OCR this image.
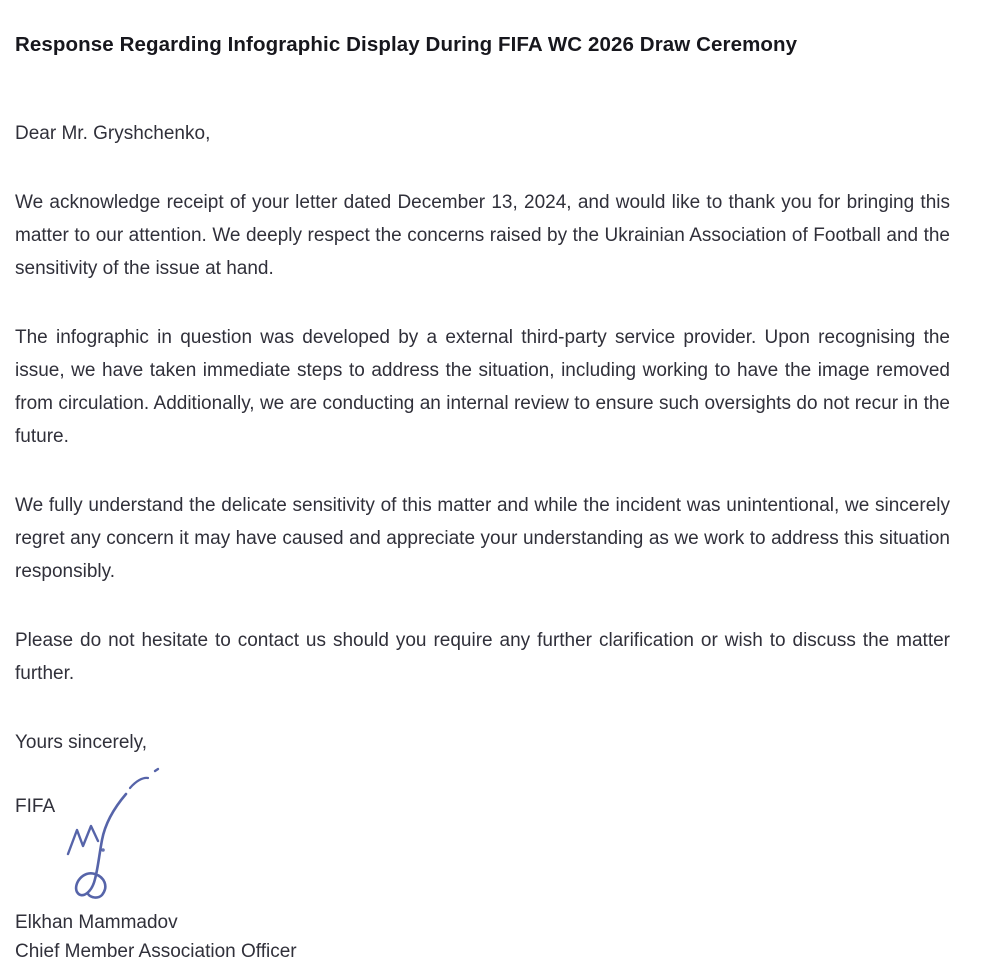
Response Regarding Infographic Display During FIFA WC 2026 Draw Ceremony

Dear Mr. Gryshchenko,

We acknowledge receipt of your letter dated December 13, 2024, and would like to thank you for bringing this matter to our attention. We deeply respect the concerns raised by the Ukrainian Association of Football and the sensitivity of the issue at hand.

The infographic in question was developed by a external third-party service provider. Upon recognising the issue, we have taken immediate steps to address the situation, including working to have the image removed from circulation. Additionally, we are conducting an internal review to ensure such oversights do not recur in the future.

We fully understand the delicate sensitivity of this matter and while the incident was unintentional, we sincerely regret any concern it may have caused and appreciate your understanding as we work to address this situation responsibly.

Please do not hesitate to contact us should you require any further clarification or wish to discuss the matter further.

Yours sincerely,

FIFA

Elkhan Mammadov

Chief Member Association Officer
